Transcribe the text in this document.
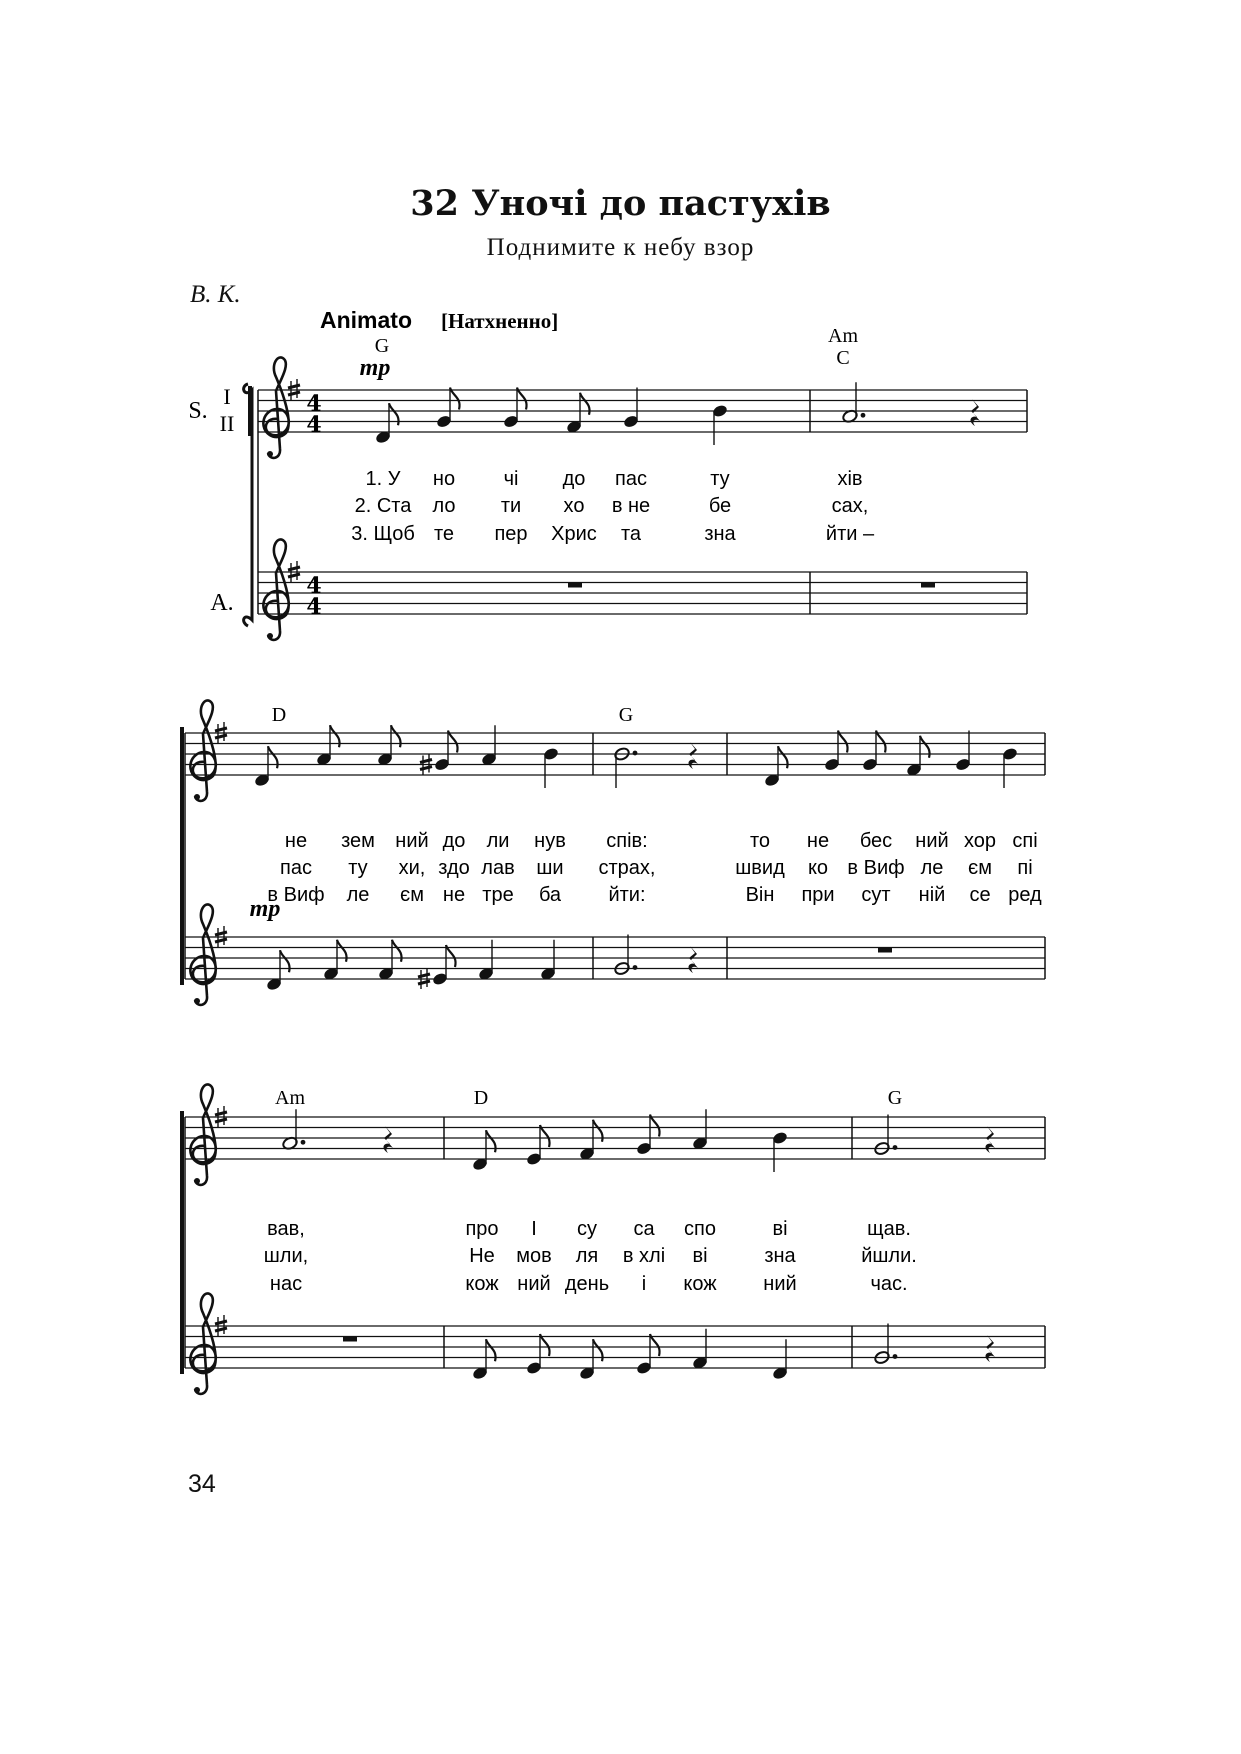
32 Уночі до пастухів
Поднимите к небу взор
В. К.
34
4
4
4
4
Animato [Натхненно]
mp
mp
S.
I
II
A.
G	Am
C
D	G
Am	D	G
1. У но чі до пас	ту	хів
не зем ний до ли нув спів:	то не бес ний хор спі
вав,	про І су са спо	ві	щав.
2. Ста ло ти хо в не	бе	сах,
пас ту хи, здо лав ши страх,	швид ко в Виф ле єм пі
шли,	Не мов ля в хлі ві	зна	йшли.
3. Щоб те пер Хрис та	зна	йти –
в Виф ле єм не тре ба йти:	Він при сут ній се ред
нас	кож ний день і кож ний	час.
